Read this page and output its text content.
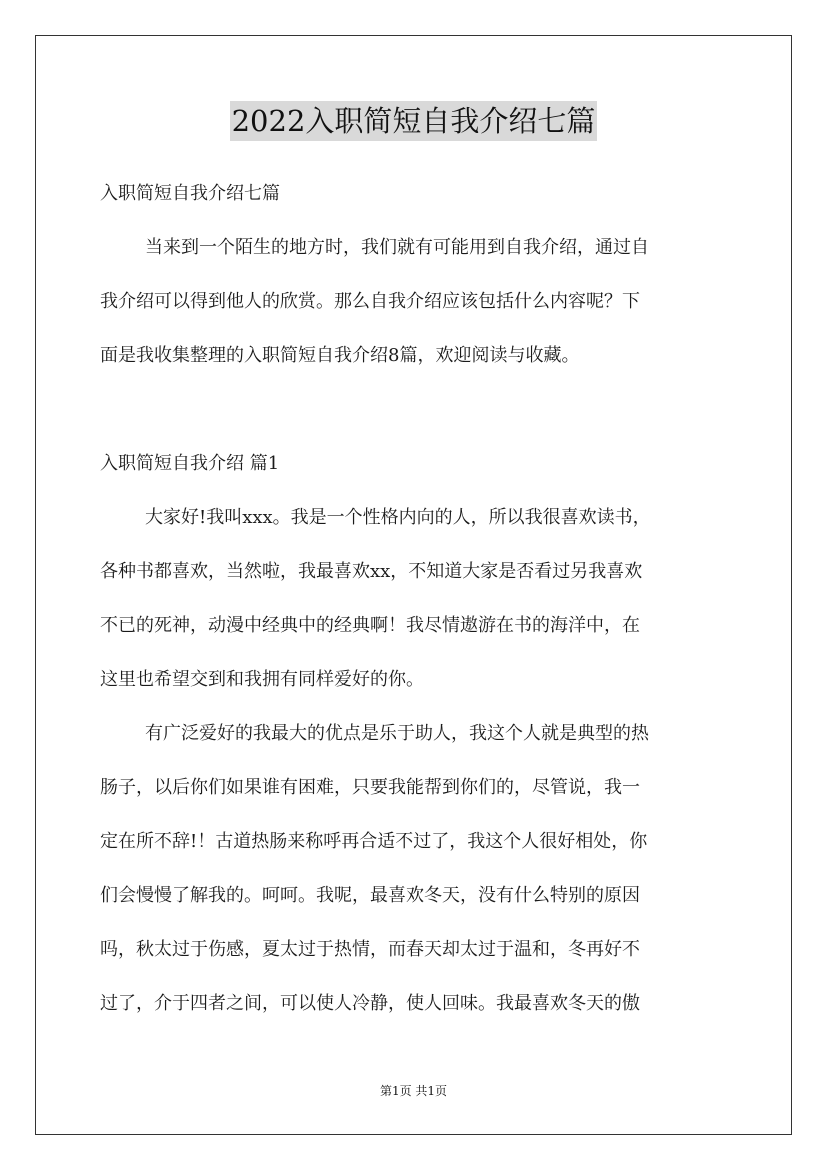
2022入职简短自我介绍七篇
入职简短自我介绍七篇
当来到一个陌生的地方时，我们就有可能用到自我介绍，通过自
我介绍可以得到他人的欣赏。那么自我介绍应该包括什么内容呢？下
面是我收集整理的入职简短自我介绍8篇，欢迎阅读与收藏。
入职简短自我介绍 篇1
大家好!我叫xxx。我是一个性格内向的人，所以我很喜欢读书，
各种书都喜欢，当然啦，我最喜欢xx，不知道大家是否看过另我喜欢
不已的死神，动漫中经典中的经典啊！我尽情遨游在书的海洋中，在
这里也希望交到和我拥有同样爱好的你。
有广泛爱好的我最大的优点是乐于助人，我这个人就是典型的热
肠子，以后你们如果谁有困难，只要我能帮到你们的，尽管说，我一
定在所不辞!！古道热肠来称呼再合适不过了，我这个人很好相处，你
们会慢慢了解我的。呵呵。我呢，最喜欢冬天，没有什么特别的原因
吗，秋太过于伤感，夏太过于热情，而春天却太过于温和，冬再好不
过了，介于四者之间，可以使人冷静，使人回味。我最喜欢冬天的傲
第1页 共1页
